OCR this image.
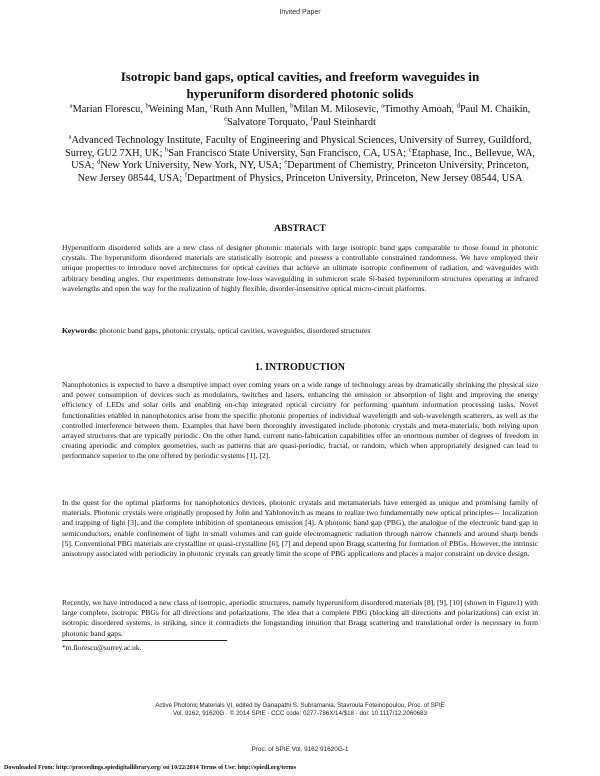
Invited Paper
Isotropic band gaps, optical cavities, and freeform waveguides in
hyperuniform disordered photonic solids
$^a$Marian Florescu, $^b$Weining Man, $^c$Ruth Ann Mullen, $^b$Milan M. Milosevic, $^a$Timothy Amoah, $^d$Paul M. Chaikin, $^e$Salvatore Torquato, $^f$Paul Steinhardt
$^a$Advanced Technology Institute, Faculty of Engineering and Physical Sciences, University of Surrey, Guildford, Surrey, GU2 7XH, UK; $^b$San Francisco State University, San Francisco, CA, USA; $^c$Etaphase, Inc., Bellevue, WA, USA; $^d$New York University, New York, NY, USA; $^e$Department of Chemistry, Princeton University, Princeton, New Jersey 08544, USA; $^f$Department of Physics, Princeton University, Princeton, New Jersey 08544, USA
ABSTRACT
Hyperuniform disordered solids are a new class of designer photonic materials with large isotropic band gaps comparable to those found in photonic crystals. The hyperuniform disordered materials are statistically isotropic and possess a controllable constrained randomness. We have employed their unique properties to introduce novel architectures for optical cavities that achieve an ultimate isotropic confinement of radiation, and waveguides with arbitrary bending angles. Our experiments demonstrate low-loss waveguiding in submicron scale Si-based hyperuniform structures operating at infrared wavelengths and open the way for the realization of highly flexible, disorder-insensitive optical micro-circuit platforms.
Keywords: photonic band gaps, photonic crystals, optical cavities, waveguides, disordered structures
1. INTRODUCTION
Nanophotonics is expected to have a disruptive impact over coming years on a wide range of technology areas by dramatically shrinking the physical size and power consumption of devices such as modulators, switches and lasers, enhancing the emission or absorption of light and improving the energy efficiency of LEDs and solar cells and enabling on-chip integrated optical circuitry for performing quantum information processing tasks. Novel functionalities enabled in nanophotonics arise from the specific photonic properties of individual wavelength and sub-wavelength scatterers, as well as the controlled interference between them. Examples that have been thoroughly investigated include photonic crystals and meta-materials, both relying upon arrayed structures that are typically periodic. On the other hand, current nano-fabrication capabilities offer an enormous number of degrees of freedom in creating aperiodic and complex geometries, such as patterns that are quasi-periodic, fractal, or random, which when appropriately designed can lead to performance superior to the one offered by periodic systems [1], [2].
In the quest for the optimal platforms for nanophotonics devices, photonic crystals and metamaterials have emerged as unique and promising family of materials. Photonic crystals were originally proposed by John and Yablonovitch as means to realize two fundamentally new optical principles— localization and trapping of light [3], and the complete inhibition of spontaneous emission [4]. A photonic band gap (PBG), the analogue of the electronic band gap in semiconductors, enable confinement of light in small volumes and can guide electromagnetic radiation through narrow channels and around sharp bends [5]. Conventional PBG materials are crystalline or quasi-crystalline [6], [7] and depend upon Bragg scattering for formation of PBGs. However, the intrinsic anisotropy associated with periodicity in photonic crystals can greatly limit the scope of PBG applications and places a major constraint on device design.
Recently, we have introduced a new class of isotropic, aperiodic structures, namely hyperuniform disordered materials [8], [9], [10] (shown in Figure1) with large complete, isotropic PBGs for all directions and polarizations. The idea that a complete PBG (blocking all directions and polarizations) can exist in isotropic disordered systems, is striking, since it contradicts the longstanding intuition that Bragg scattering and translational order is necessary to form photonic band gaps.
*m.florescu@surrey.ac.uk.
Active Photonic Materials VI, edited by Ganapathi S. Subramania, Stavroula Foteinopoulou, Proc. of SPIE
Vol. 9162, 91620G · © 2014 SPIE · CCC code: 0277-786X/14/$18 · doi: 10.1117/12.2060683
Proc. of SPIE Vol. 9162 91620G-1
Downloaded From: http://proceedings.spiedigitallibrary.org/ on 10/22/2014 Terms of Use: http://spiedl.org/terms
